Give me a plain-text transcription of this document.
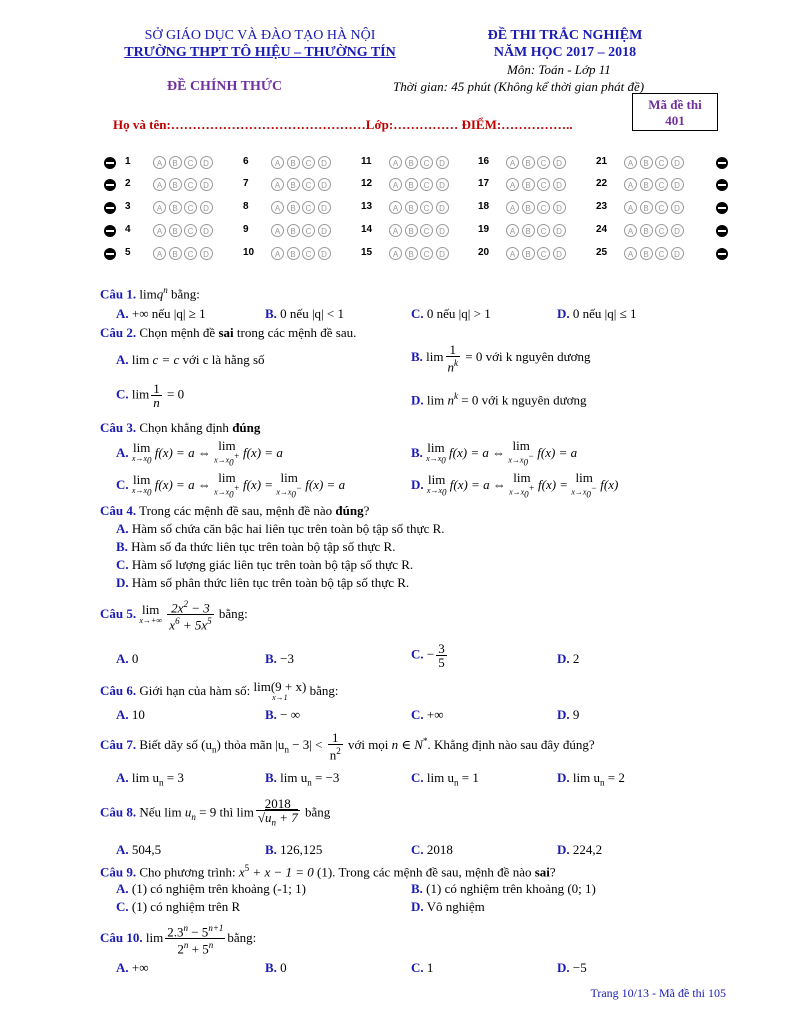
SỞ GIÁO DỤC VÀ ĐÀO TẠO HÀ NỘI
TRƯỜNG THPT TÔ HIỆU – THƯỜNG TÍN
ĐỀ CHÍNH THỨC
ĐỀ THI TRẮC NGHIỆM
NĂM HỌC 2017 – 2018
Môn: Toán - Lớp 11
Thời gian: 45 phút (Không kể thời gian phát đề)
Mã đề thi
401
Họ và tên:………………………………………Lớp:…………… ĐIỂM:……………..
1	A	B	C	D	6	A	B	C	D	11	A	B	C	D	16	A	B	C	D	21	A	B	C	D
2	A	B	C	D	7	A	B	C	D	12	A	B	C	D	17	A	B	C	D	22	A	B	C	D
3	A	B	C	D	8	A	B	C	D	13	A	B	C	D	18	A	B	C	D	23	A	B	C	D
4	A	B	C	D	9	A	B	C	D	14	A	B	C	D	19	A	B	C	D	24	A	B	C	D
5	A	B	C	D	10	A	B	C	D	15	A	B	C	D	20	A	B	C	D	25	A	B	C	D
Câu 1. limq$^n$ bằng:
A. +∞ nếu |q| ≥ 1	B. 0 nếu |q| < 1	C. 0 nếu |q| > 1	D. 0 nếu |q| ≤ 1
Câu 2. Chọn mệnh đề sai trong các mệnh đề sau.
A. lim c = c với c là hằng số	B. $\lim \frac{1}{n^k} = 0$ với k nguyên dương
C. $\lim \frac{1}{n} = 0$	D. $\lim n^k = 0$ với k nguyên dương
Câu 3. Chọn khẳng định đúng
A. lim
$x\to x_0$
f(x) = a ⇔ lim
$x\to x_0^+$ f(x) = a	B. lim
$x\to x_0$
f(x) = a ⇔ lim
$x\to x_0^-$ f(x) = a
C. lim
$x\to x_0$
f(x) = a ⇔ lim
$x\to x_0^+$ f(x) = lim
$x\to x_0^-$ f(x) = a	D. lim
$x\to x_0$
f(x) = a ⇔ lim
$x\to x_0^+$ f(x) = lim
$x\to x_0^-$ f(x)
Câu 4. Trong các mệnh đề sau, mệnh đề nào đúng?
A. Hàm số chứa căn bậc hai liên tục trên toàn bộ tập số thực R.
B. Hàm số đa thức liên tục trên toàn bộ tập số thực R.
C. Hàm số lượng giác liên tục trên toàn bộ tập số thực R.
D. Hàm số phân thức liên tục trên toàn bộ tập số thực R.
Câu 5. lim
x→+∞
$\frac{2x^2 - 3}{x^6 + 5x^5}$ bằng:
A. 0	B. −3	C. − $\frac{3}{5}$	D. 2
Câu 6. Giới hạn của hàm số: lim(9 + x)
x→1	bằng:
A. 10	B. − ∞	C. +∞	D. 9
Câu 7. Biết dãy số $(u_n)$ thỏa mãn $|u_n - 3| < \frac{1}{n^2}$ với mọi n ∈ N*. Khẳng định nào sau đây đúng?
A. $\lim u_n = 3$	B. $\lim u_n = -3$	C. $\lim u_n = 1$	D. $\lim u_n = 2$
Câu 8. Nếu $\lim u_n = 9$ thì $\lim \frac{2018}{√u_n + 7}$ bằng
A. 504,5	B. 126,125	C. 2018	D. 224,2
Câu 9. Cho phương trình: $x^5 + x - 1 = 0$ (1). Trong các mệnh đề sau, mệnh đề nào sai?
A. (1) có nghiệm trên khoảng (-1; 1)	B. (1) có nghiệm trên khoảng (0; 1)
C. (1) có nghiệm trên R	D. Vô nghiệm
Câu 10. $\lim \frac{2.3^n - 5^{n+1}}{2^n + 5^n}$ bằng:
A. +∞	B. 0	C. 1	D. −5
Trang 10/13 - Mã đề thi 105
